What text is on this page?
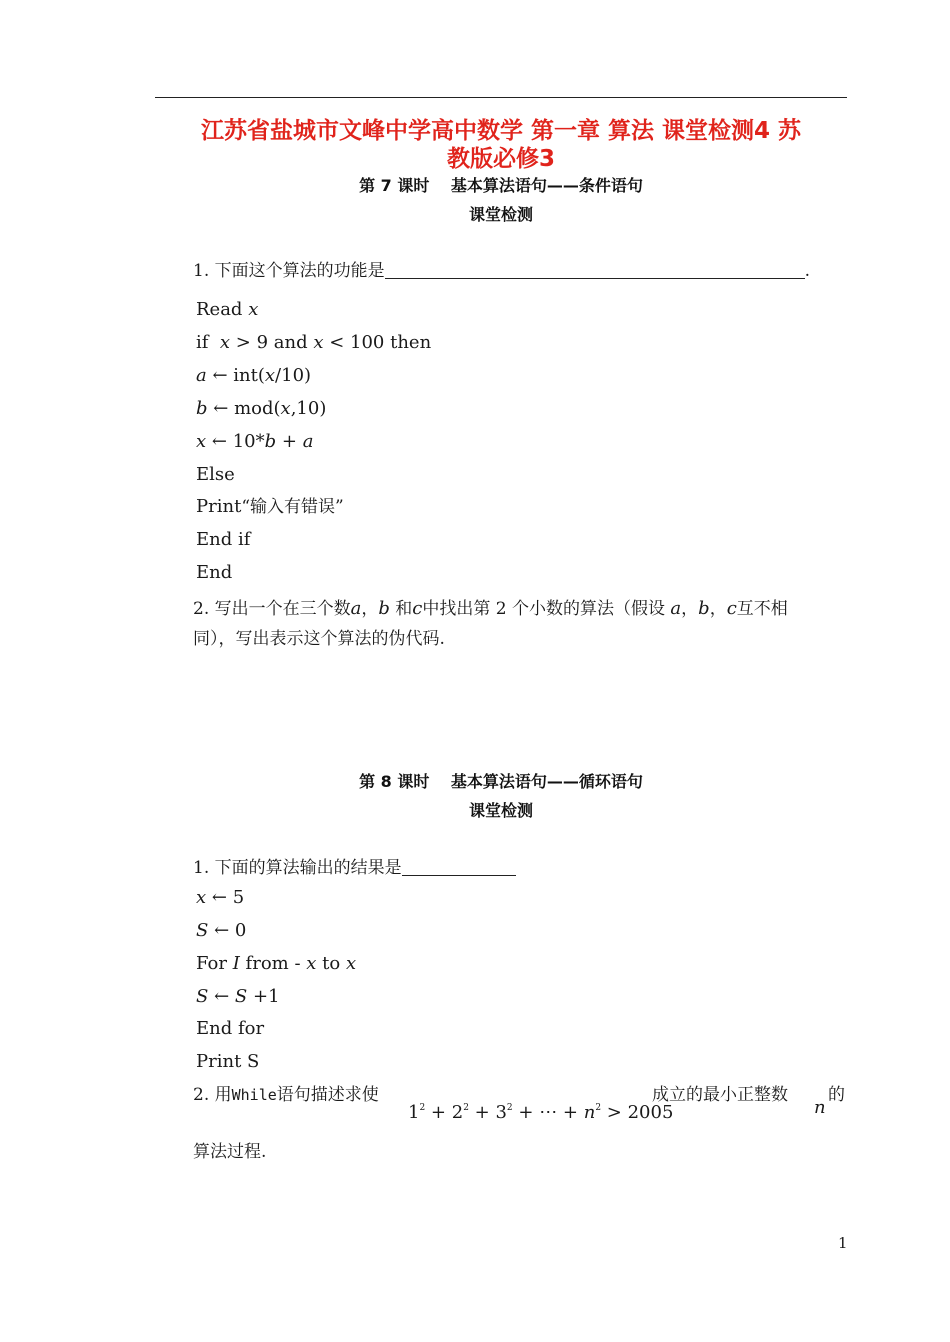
江苏省盐城市文峰中学高中数学 第一章 算法 课堂检测4 苏
教版必修3
第 7 课时　 基本算法语句——条件语句
课堂检测
1. 下面这个算法的功能是	.
Read x
if x > 9 and x < 100 then
a ← int(x/10)
b ← mod(x,10)
x ← 10*b + a
Else
Print“输入有错误”
End if
End
2. 写出一个在三个数a，b 和c中找出第 2 个小数的算法（假设 a，b，c互不相
同），写出表示这个算法的伪代码.
第 8 课时　 基本算法语句——循环语句
课堂检测
1. 下面的算法输出的结果是
x ← 5
S ← 0
For I from - x to x
S ← S +1
End for
Print S
2. 用While语句描述求使
$1^2 + 2^2 + 3^2$ + ⋯ + $n^2 > 2005$
成立的最小正整数
n
的
算法过程.
1
